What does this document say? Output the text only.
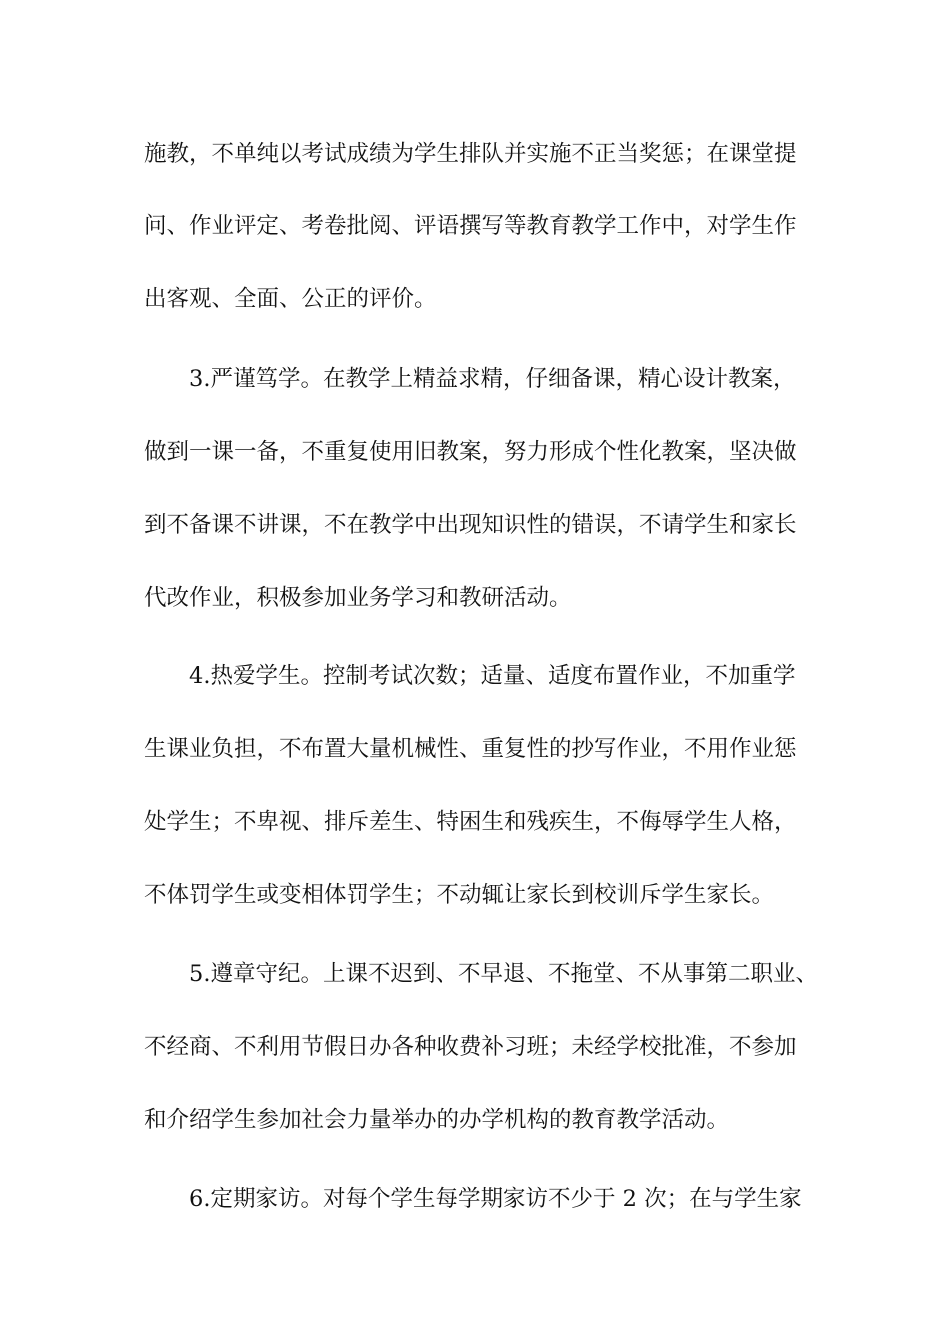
施教，不单纯以考试成绩为学生排队并实施不正当奖惩；在课堂提
问、作业评定、考卷批阅、评语撰写等教育教学工作中，对学生作
出客观、全面、公正的评价。
3.严谨笃学。在教学上精益求精，仔细备课，精心设计教案，
做到一课一备，不重复使用旧教案，努力形成个性化教案，坚决做
到不备课不讲课，不在教学中出现知识性的错误，不请学生和家长
代改作业，积极参加业务学习和教研活动。
4.热爱学生。控制考试次数；适量、适度布置作业，不加重学
生课业负担，不布置大量机械性、重复性的抄写作业，不用作业惩
处学生；不卑视、排斥差生、特困生和残疾生，不侮辱学生人格，
不体罚学生或变相体罚学生；不动辄让家长到校训斥学生家长。
5.遵章守纪。上课不迟到、不早退、不拖堂、不从事第二职业、
不经商、不利用节假日办各种收费补习班；未经学校批准，不参加
和介绍学生参加社会力量举办的办学机构的教育教学活动。
6.定期家访。对每个学生每学期家访不少于 2 次；在与学生家
